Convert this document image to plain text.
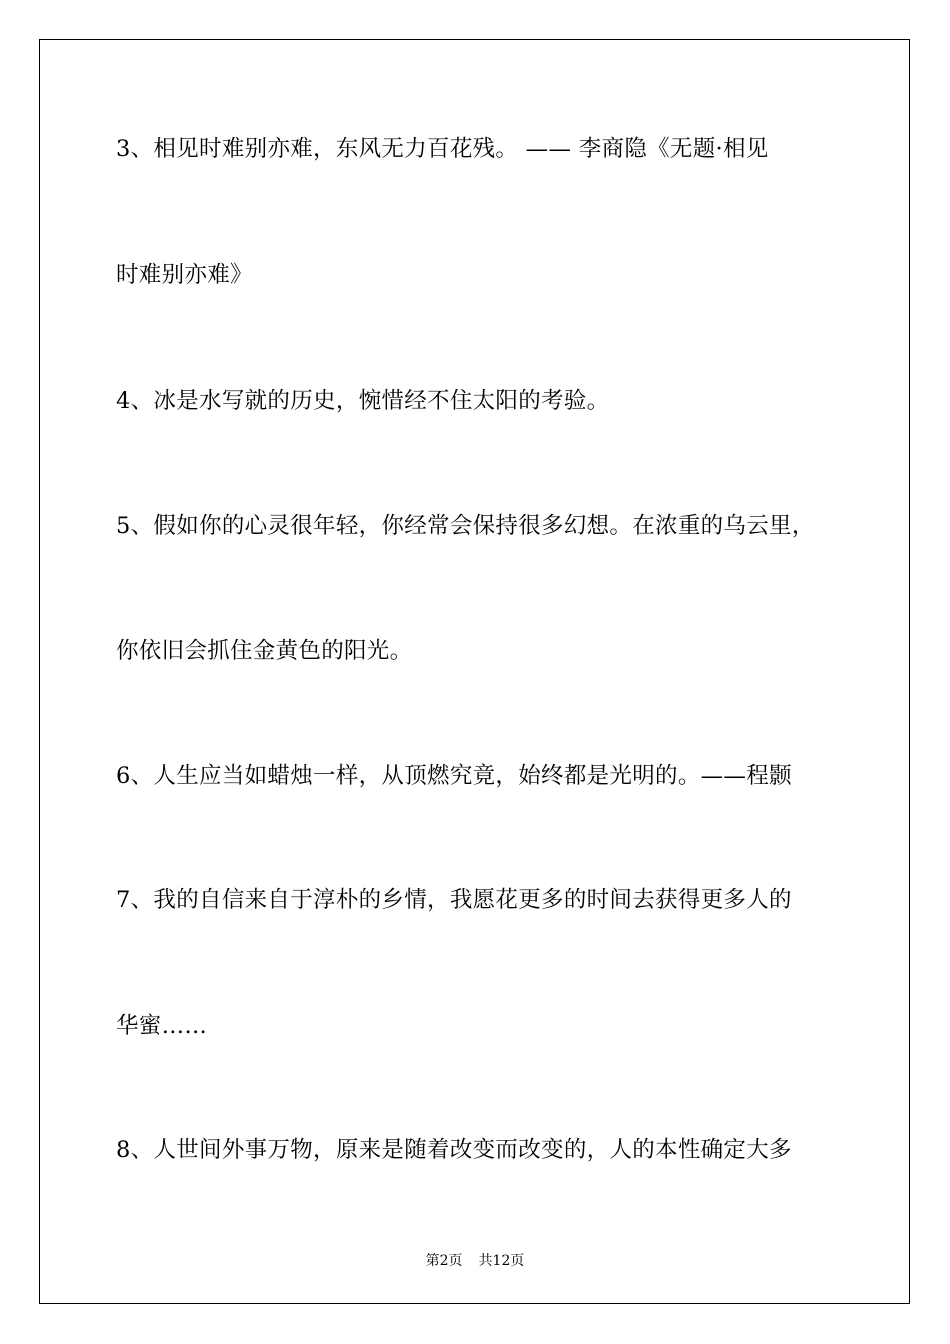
3、相见时难别亦难，东风无力百花残。 —— 李商隐《无题·相见
时难别亦难》
4、冰是水写就的历史，惋惜经不住太阳的考验。
5、假如你的心灵很年轻，你经常会保持很多幻想。在浓重的乌云里，
你依旧会抓住金黄色的阳光。
6、人生应当如蜡烛一样，从顶燃究竟，始终都是光明的。——程颢
7、我的自信来自于淳朴的乡情，我愿花更多的时间去获得更多人的
华蜜……
8、人世间外事万物，原来是随着改变而改变的，人的本性确定大多
第2页 共12页
